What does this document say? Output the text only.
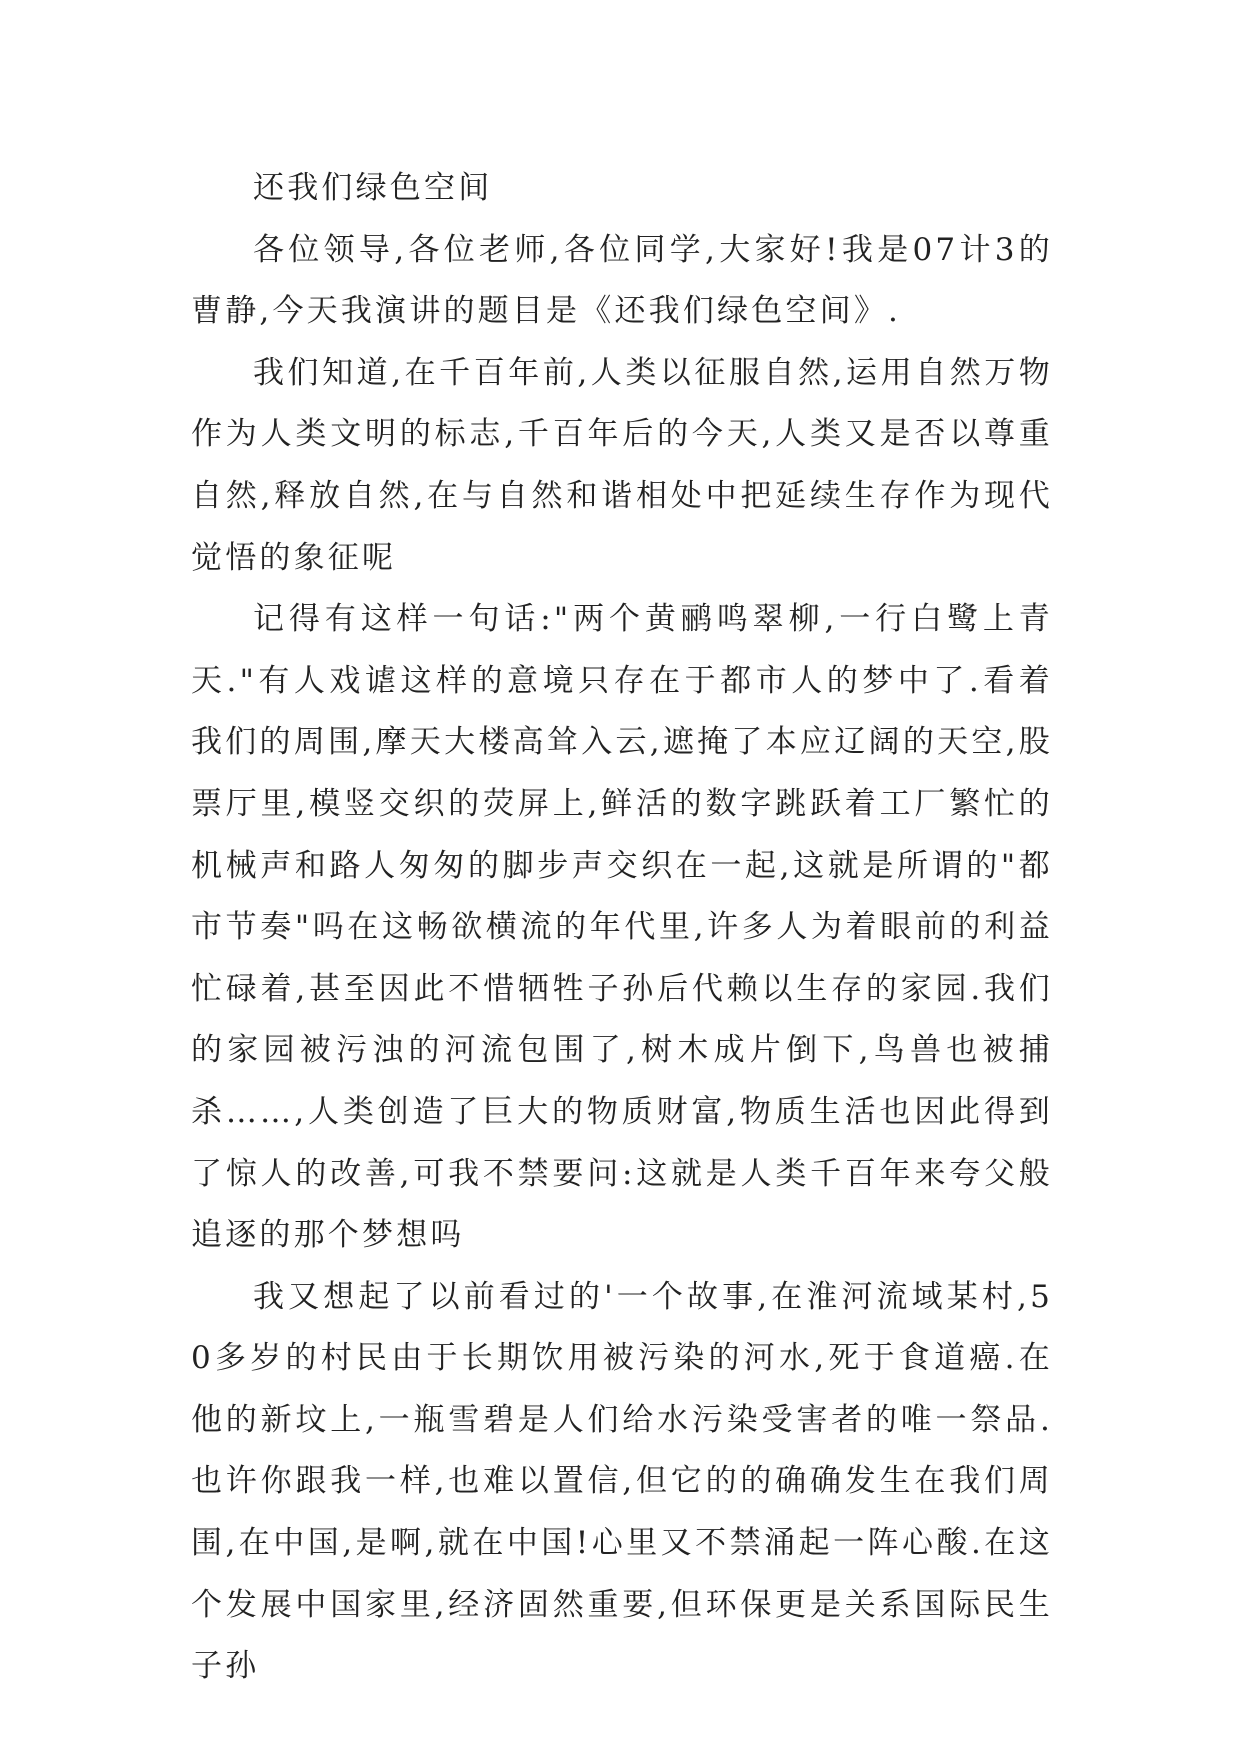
还我们绿色空间

各位领导,各位老师,各位同学,大家好!我是07计3的曹静,今天我演讲的题目是《还我们绿色空间》.

我们知道,在千百年前,人类以征服自然,运用自然万物作为人类文明的标志,千百年后的今天,人类又是否以尊重自然,释放自然,在与自然和谐相处中把延续生存作为现代觉悟的象征呢

记得有这样一句话:"两个黄鹂鸣翠柳,一行白鹭上青天."有人戏谑这样的意境只存在于都市人的梦中了.看着我们的周围,摩天大楼高耸入云,遮掩了本应辽阔的天空,股票厅里,模竖交织的荧屏上,鲜活的数字跳跃着工厂繁忙的机械声和路人匆匆的脚步声交织在一起,这就是所谓的"都市节奏"吗在这畅欲横流的年代里,许多人为着眼前的利益忙碌着,甚至因此不惜牺牲子孙后代赖以生存的家园.我们的家园被污浊的河流包围了,树木成片倒下,鸟兽也被捕杀……,人类创造了巨大的物质财富,物质生活也因此得到了惊人的改善,可我不禁要问:这就是人类千百年来夸父般追逐的那个梦想吗

我又想起了以前看过的'一个故事,在淮河流域某村,50多岁的村民由于长期饮用被污染的河水,死于食道癌.在他的新坟上,一瓶雪碧是人们给水污染受害者的唯一祭品.也许你跟我一样,也难以置信,但它的的确确发生在我们周围,在中国,是啊,就在中国!心里又不禁涌起一阵心酸.在这个发展中国家里,经济固然重要,但环保更是关系国际民生子孙
